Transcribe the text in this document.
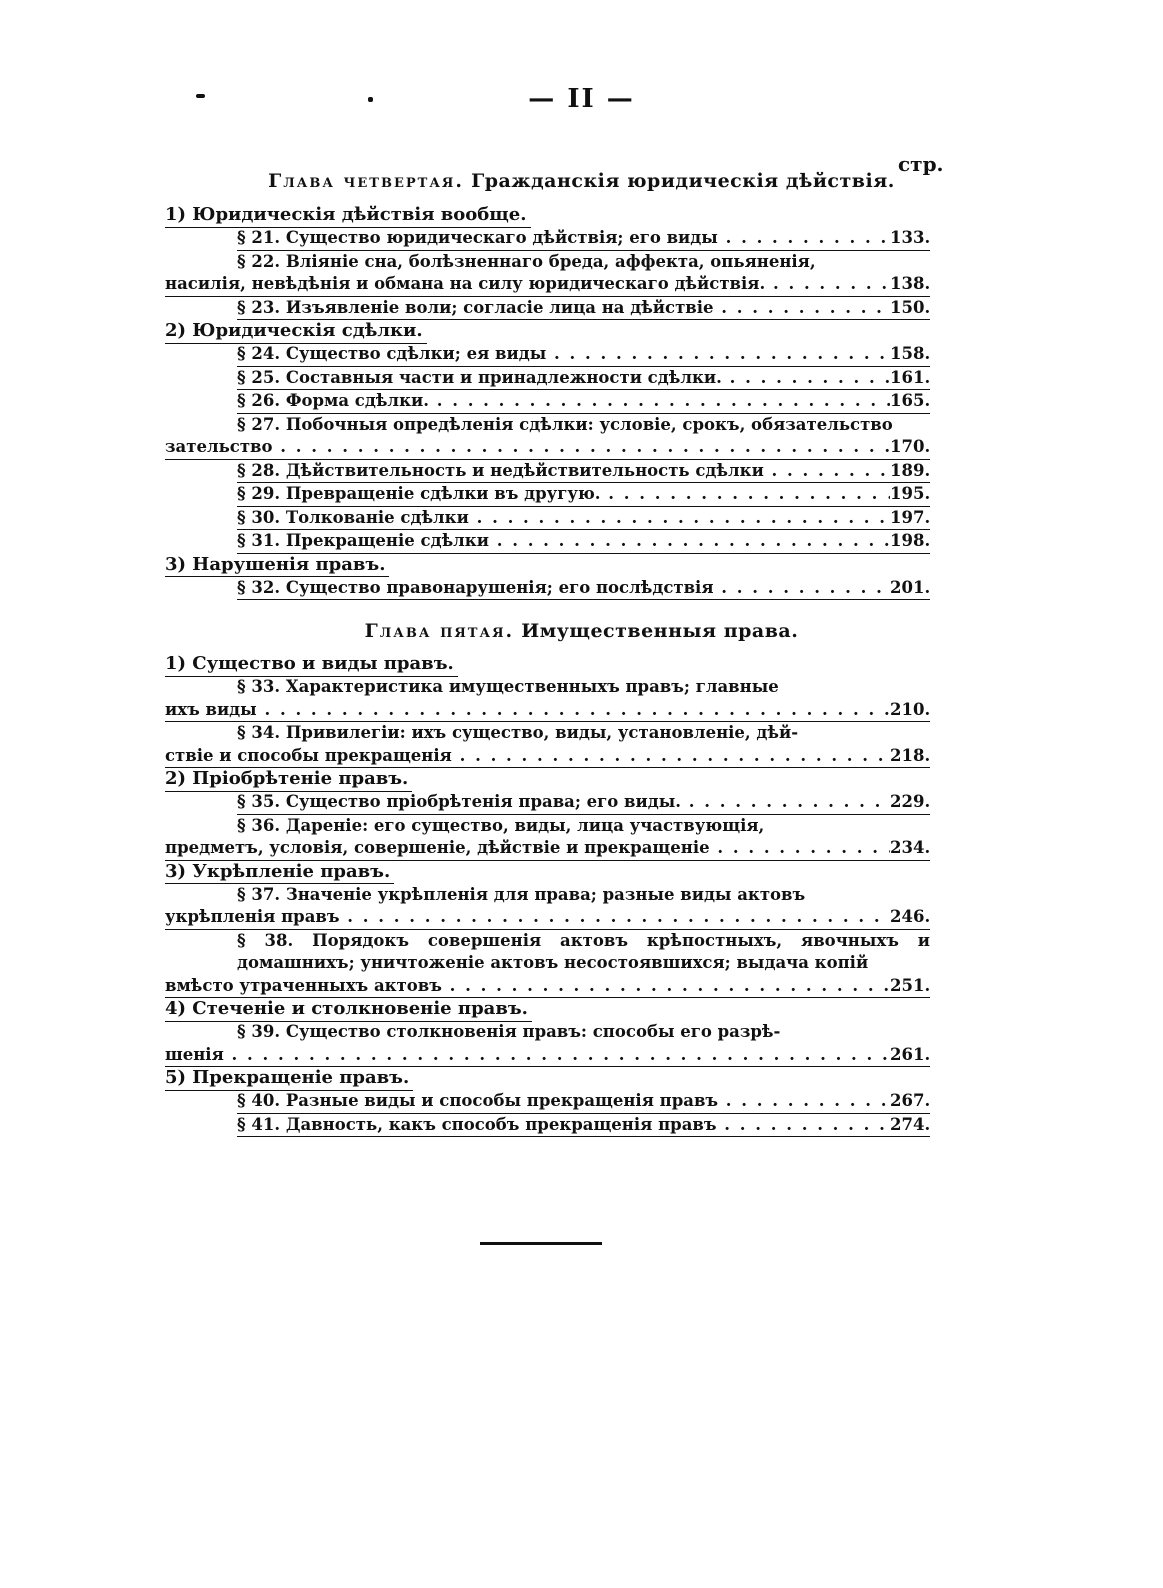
— II —
стр.
Глава четвертая. Гражданскія юридическія дѣйствія.
1) Юридическія дѣйствія вообще.
§ 21. Существо юридическаго дѣйствія; его виды . . .	133.
§ 22. Вліяніе сна, болѣзненнаго бреда, аффекта, опьяненія,
насилія, невѣдѣнія и обмана на силу юридическаго дѣйствія. . . .	138.
§ 23. Изъявленіе воли; согласіе лица на дѣйствіе . . .	150.
2) Юридическія сдѣлки.
§ 24. Существо сдѣлки; ея виды . . .	158.
§ 25. Составныя части и принадлежности сдѣлки. . . .	161.
§ 26. Форма сдѣлки. . . .	165.
§ 27. Побочныя опредѣленія сдѣлки: условіе, срокъ, обязательство
зательство . . .	170.
§ 28. Дѣйствительность и недѣйствительность сдѣлки . . .	189.
§ 29. Превращеніе сдѣлки въ другую. . . .	195.
§ 30. Толкованіе сдѣлки . . .	197.
§ 31. Прекращеніе сдѣлки . . .	198.
3) Нарушенія правъ.
§ 32. Существо правонарушенія; его послѣдствія . . .	201.
Глава пятая. Имущественныя права.
1) Существо и виды правъ.
§ 33. Характеристика имущественныхъ правъ; главные
ихъ виды . . .	210.
§ 34. Привилегіи: ихъ существо, виды, установленіе, дѣй-
ствіе и способы прекращенія . . .	218.
2) Пріобрѣтеніе правъ.
§ 35. Существо пріобрѣтенія права; его виды. . . .	229.
§ 36. Дареніе: его существо, виды, лица участвующія,
предметъ, условія, совершеніе, дѣйствіе и прекращеніе . . .	234.
3) Укрѣпленіе правъ.
§ 37. Значеніе укрѣпленія для права; разные виды актовъ
укрѣпленія правъ . . .	246.
§ 38. Порядокъ совершенія актовъ крѣпостныхъ, явочныхъ и домашнихъ; уничтоженіе актовъ несостоявшихся; выдача копій
вмѣсто утраченныхъ актовъ . . .	251.
4) Стеченіе и столкновеніе правъ.
§ 39. Существо столкновенія правъ: способы его разрѣ-
шенія . . .	261.
5) Прекращеніе правъ.
§ 40. Разные виды и способы прекращенія правъ . . .	267.
§ 41. Давность, какъ способъ прекращенія правъ . . .	274.
